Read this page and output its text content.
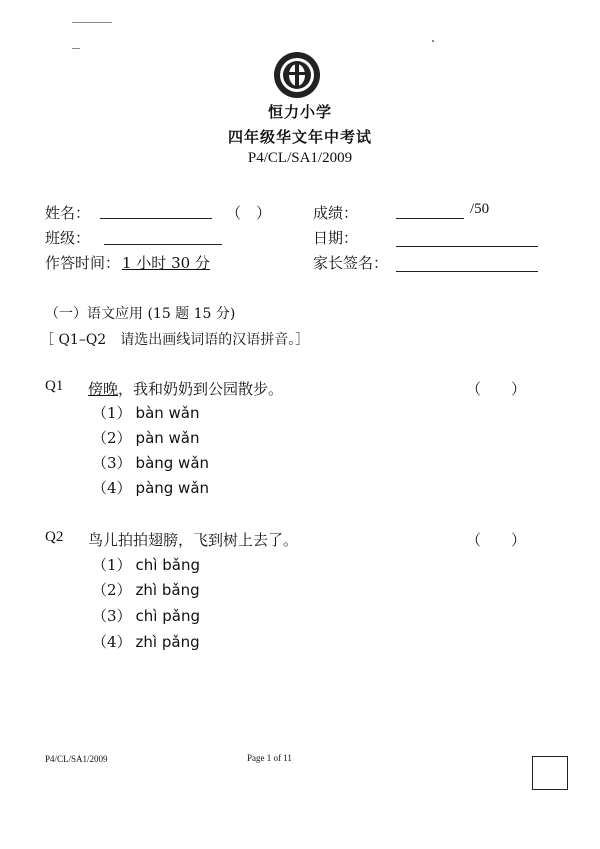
恒力小学
四年级华文年中考试
P4/CL/SA1/2009
姓名：	（　）	成绩：	/50
班级：	日期：
作答时间： 1 小时 30 分	家长签名：
（一）语文应用 (15 题 15 分)
［ Q1–Q2　请选出画线词语的汉语拼音。］
Q1 傍晚，我和奶奶到公园散步。	（　　）
（1） bàn wǎn
（2） pàn wǎn
（3） bàng wǎn
（4） pàng wǎn
Q2 鸟儿拍拍翅膀，飞到树上去了。	（　　）
（1） chì bǎng
（2） zhì bǎng
（3） chì pǎng
（4） zhì pǎng
P4/CL/SA1/2009	Page 1 of 11
